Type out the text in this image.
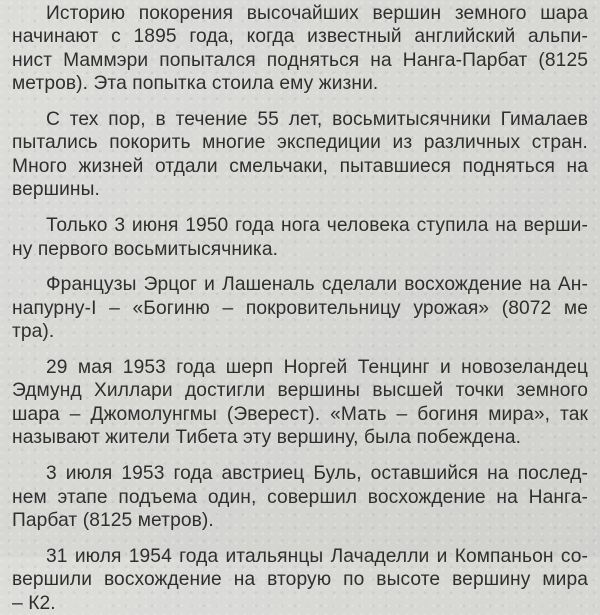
Историю покорения высочайших вершин земного шара
начинают с 1895 года, когда известный английский альпи-
нист Маммэри попытался подняться на Нанга-Парбат (8125
метров). Эта попытка стоила ему жизни.

С тех пор, в течение 55 лет, восьмитысячники Гималаев
пытались покорить многие экспедиции из различных стран.
Много жизней отдали смельчаки, пытавшиеся подняться на
вершины.

Только 3 июня 1950 года нога человека ступила на верши-
ну первого восьмитысячника.

Французы Эрцог и Лашеналь сделали восхождение на Ан-
напурну-I – «Богиню – покровительницу урожая» (8072 ме
тра).

29 мая 1953 года шерп Норгей Тенцинг и новозеландец
Эдмунд Хиллари достигли вершины высшей точки земного
шара – Джомолунгмы (Эверест). «Мать – богиня мира», так
называют жители Тибета эту вершину, была побеждена.

3 июля 1953 года австриец Буль, оставшийся на послед-
нем этапе подъема один, совершил восхождение на Нанга-
Парбат (8125 метров).

31 июля 1954 года итальянцы Лачаделли и Компаньон со-
вершили восхождение на вторую по высоте вершину мира
– К2.
